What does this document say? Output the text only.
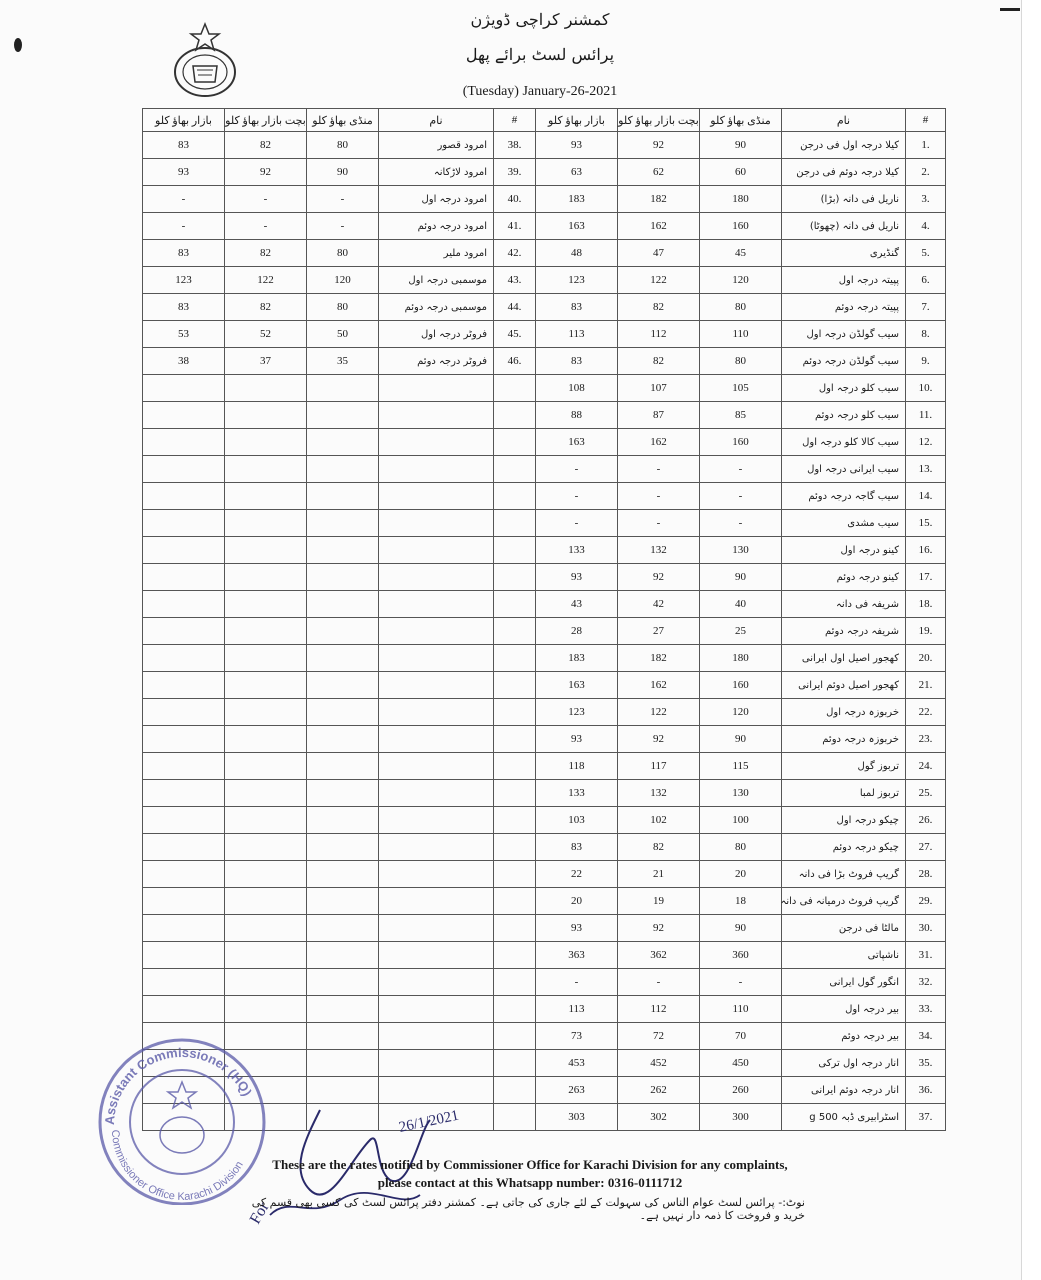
کمشنر کراچی ڈویژن
پرائس لسٹ برائے پھل
(Tuesday) January-26-2021
بازار بھاؤ کلو	بچت بازار بھاؤ کلو	منڈی بھاؤ کلو	نام	#
83	82	80	امرود قصور	38.
93	92	90	امرود لاڑکانہ	39.
-	-	-	امرود درجہ اول	40.
-	-	-	امرود درجہ دوئم	41.
83	82	80	امرود ملیر	42.
123	122	120	موسمبی درجہ اول	43.
83	82	80	موسمبی درجہ دوئم	44.
53	52	50	فروٹر درجہ اول	45.
38	37	35	فروٹر درجہ دوئم	46.

بازار بھاؤ کلو	بچت بازار بھاؤ کلو	منڈی بھاؤ کلو	نام	#
93	92	90	کیلا درجہ اول فی درجن	1.
63	62	60	کیلا درجہ دوئم فی درجن	2.
183	182	180	ناریل فی دانہ (بڑا)	3.
163	162	160	ناریل فی دانہ (چھوٹا)	4.
48	47	45	گنڈیری	5.
123	122	120	پپیتہ درجہ اول	6.
83	82	80	پپیتہ درجہ دوئم	7.
113	112	110	سیب گولڈن درجہ اول	8.
83	82	80	سیب گولڈن درجہ دوئم	9.
108	107	105	سیب کلو درجہ اول	10.
88	87	85	سیب کلو درجہ دوئم	11.
163	162	160	سیب کالا کلو درجہ اول	12.
-	-	-	سیب ایرانی درجہ اول	13.
-	-	-	سیب گاجہ درجہ دوئم	14.
-	-	-	سیب مشدی	15.
133	132	130	کینو درجہ اول	16.
93	92	90	کینو درجہ دوئم	17.
43	42	40	شریفہ فی دانہ	18.
28	27	25	شریفہ درجہ دوئم	19.
183	182	180	کھجور اصیل اول ایرانی	20.
163	162	160	کھجور اصیل دوئم ایرانی	21.
123	122	120	خربوزہ درجہ اول	22.
93	92	90	خربوزہ درجہ دوئم	23.
118	117	115	تربوز گول	24.
133	132	130	تربوز لمبا	25.
103	102	100	چیکو درجہ اول	26.
83	82	80	چیکو درجہ دوئم	27.
22	21	20	گریپ فروٹ بڑا فی دانہ	28.
20	19	18	گریپ فروٹ درمیانہ فی دانہ	29.
93	92	90	مالٹا فی درجن	30.
363	362	360	ناشپاتی	31.
-	-	-	انگور گول ایرانی	32.
113	112	110	بیر درجہ اول	33.
73	72	70	بیر درجہ دوئم	34.
453	452	450	انار درجہ اول ترکی	35.
263	262	260	انار درجہ دوئم ایرانی	36.
303	302	300	اسٹرابیری ڈبہ 500 g	37.
Assistant Commissioner (HQ)
Commissioner Office Karachi Division
26/1/2021
For
These are the rates notified by Commissioner Office for Karachi Division for any complaints,
please contact at this Whatsapp number: 0316-0111712
نوٹ:- پرائس لسٹ عوام الناس کی سہولت کے لئے جاری کی جاتی ہے۔ کمشنر دفتر پرائس لسٹ کی کسی بھی قسم کی خرید و فروخت کا ذمہ دار نہیں ہے۔
